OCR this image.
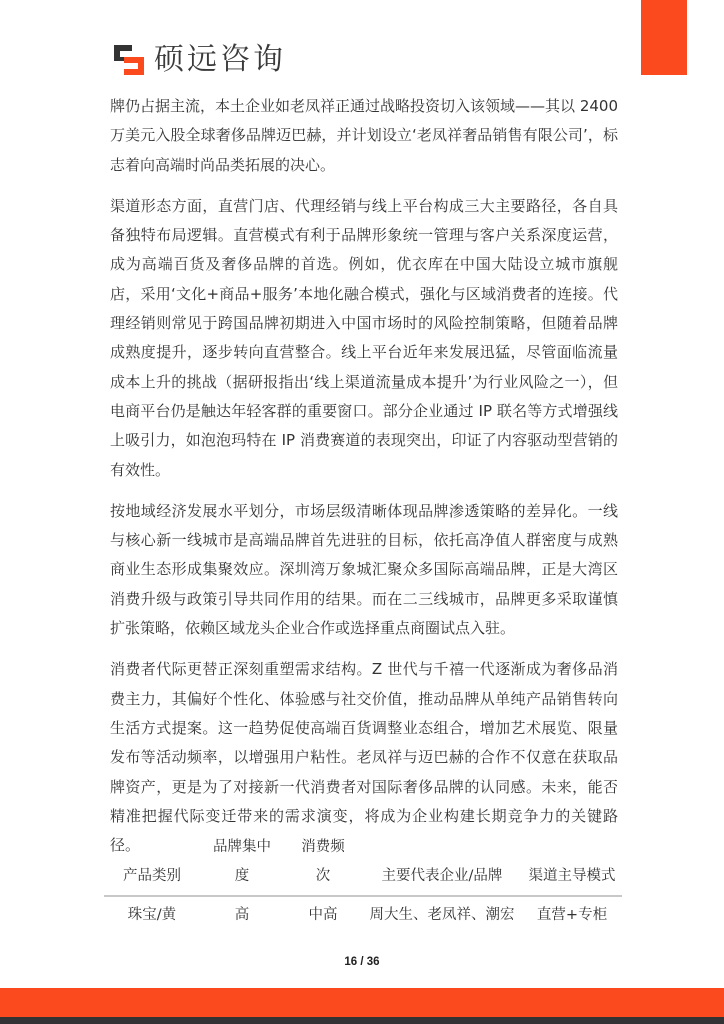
硕远咨询

牌仍占据主流，本土企业如老凤祥正通过战略投资切入该领域——其以 2400 万美元入股全球奢侈品牌迈巴赫，并计划设立‘老凤祥奢品销售有限公司’，标志着向高端时尚品类拓展的决心。

渠道形态方面，直营门店、代理经销与线上平台构成三大主要路径，各自具备独特布局逻辑。直营模式有利于品牌形象统一管理与客户关系深度运营，成为高端百货及奢侈品牌的首选。例如，优衣库在中国大陆设立城市旗舰店，采用‘文化+商品+服务’本地化融合模式，强化与区域消费者的连接。代理经销则常见于跨国品牌初期进入中国市场时的风险控制策略，但随着品牌成熟度提升，逐步转向直营整合。线上平台近年来发展迅猛，尽管面临流量成本上升的挑战（据研报指出‘线上渠道流量成本提升’为行业风险之一），但电商平台仍是触达年轻客群的重要窗口。部分企业通过 IP 联名等方式增强线上吸引力，如泡泡玛特在 IP 消费赛道的表现突出，印证了内容驱动型营销的有效性。

按地域经济发展水平划分，市场层级清晰体现品牌渗透策略的差异化。一线与核心新一线城市是高端品牌首先进驻的目标，依托高净值人群密度与成熟商业生态形成集聚效应。深圳湾万象城汇聚众多国际高端品牌，正是大湾区消费升级与政策引导共同作用的结果。而在二三线城市，品牌更多采取谨慎扩张策略，依赖区域龙头企业合作或选择重点商圈试点入驻。

消费者代际更替正深刻重塑需求结构。Z 世代与千禧一代逐渐成为奢侈品消费主力，其偏好个性化、体验感与社交价值，推动品牌从单纯产品销售转向生活方式提案。这一趋势促使高端百货调整业态组合，增加艺术展览、限量发布等活动频率，以增强用户粘性。老凤祥与迈巴赫的合作不仅意在获取品牌资产，更是为了对接新一代消费者对国际奢侈品牌的认同感。未来，能否精准把握代际变迁带来的需求演变，将成为企业构建长期竞争力的关键路径。

产品类别	品牌集中度	消费频次	主要代表企业/品牌	渠道主导模式
珠宝/黄	高	中高	周大生、老凤祥、潮宏	直营+专柜
16 / 36
